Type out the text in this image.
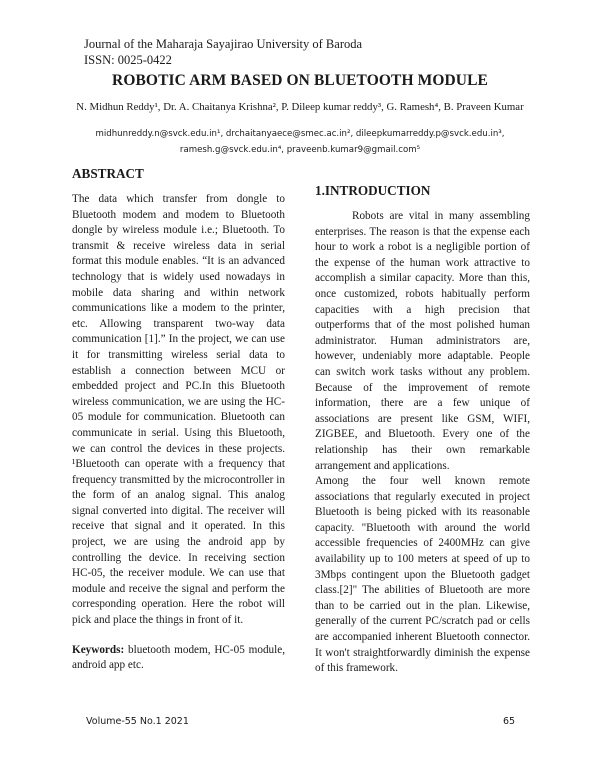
Journal of the Maharaja Sayajirao University of Baroda
ISSN: 0025-0422
ROBOTIC ARM BASED ON BLUETOOTH MODULE
N. Midhun Reddy¹, Dr. A. Chaitanya Krishna², P. Dileep kumar reddy³, G. Ramesh⁴, B. Praveen Kumar
midhunreddy.n@svck.edu.in¹, drchaitanyaece@smec.ac.in², dileepkumarreddy.p@svck.edu.in³,
ramesh.g@svck.edu.in⁴, praveenb.kumar9@gmail.com⁵
ABSTRACT

The data which transfer from dongle to Bluetooth modem and modem to Bluetooth dongle by wireless module i.e.; Bluetooth. To transmit & receive wireless data in serial format this module enables. “It is an advanced technology that is widely used nowadays in mobile data sharing and within network communications like a modem to the printer, etc. Allowing transparent two-way data communication [1].” In the project, we can use it for transmitting wireless serial data to establish a connection between MCU or embedded project and PC.In this Bluetooth wireless communication, we are using the HC-05 module for communication. Bluetooth can communicate in serial. Using this Bluetooth, we can control the devices in these projects. ¹Bluetooth can operate with a frequency that frequency transmitted by the microcontroller in the form of an analog signal. This analog signal converted into digital. The receiver will receive that signal and it operated. In this project, we are using the android app by controlling the device. In receiving section HC-05, the receiver module. We can use that module and receive the signal and perform the corresponding operation. Here the robot will pick and place the things in front of it.

Keywords: bluetooth modem, HC-05 module, android app etc.

1.INTRODUCTION

Robots are vital in many assembling enterprises. The reason is that the expense each hour to work a robot is a negligible portion of the expense of the human work attractive to accomplish a similar capacity. More than this, once customized, robots habitually perform capacities with a high precision that outperforms that of the most polished human administrator. Human administrators are, however, undeniably more adaptable. People can switch work tasks without any problem. Because of the improvement of remote information, there are a few unique of associations are present like GSM, WIFI, ZIGBEE, and Bluetooth. Every one of the relationship has their own remarkable arrangement and applications.

Among the four well known remote associations that regularly executed in project Bluetooth is being picked with its reasonable capacity. "Bluetooth with around the world accessible frequencies of 2400MHz can give availability up to 100 meters at speed of up to 3Mbps contingent upon the Bluetooth gadget class.[2]" The abilities of Bluetooth are more than to be carried out in the plan. Likewise, generally of the current PC/scratch pad or cells are accompanied inherent Bluetooth connector. It won't straightforwardly diminish the expense of this framework.

Volume-55 No.1 2021	65
